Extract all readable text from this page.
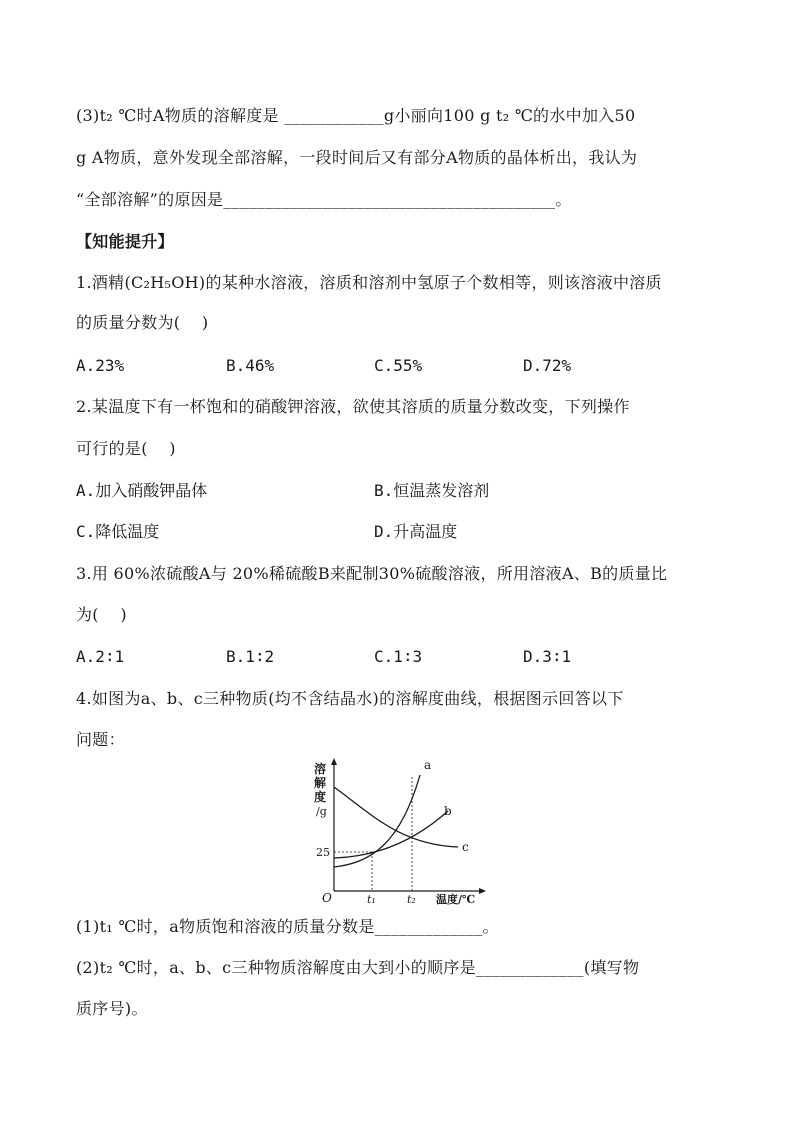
(3)t₂ ℃时A物质的溶解度是 ____________g小丽向100 g t₂ ℃的水中加入50
g A物质，意外发现全部溶解，一段时间后又有部分A物质的晶体析出，我认为
“全部溶解”的原因是________________________________________。
【知能提升】
1.酒精(C₂H₅OH)的某种水溶液，溶质和溶剂中氢原子个数相等，则该溶液中溶质
的质量分数为(    )
A.23%	B.46%	C.55%	D.72%
2.某温度下有一杯饱和的硝酸钾溶液，欲使其溶质的质量分数改变，下列操作
可行的是(    )
A.加入硝酸钾晶体	B.恒温蒸发溶剂
C.降低温度	D.升高温度
3.用 60%浓硫酸A与 20%稀硫酸B来配制30%硫酸溶液，所用溶液A、B的质量比
为(    )
A.2∶1	B.1∶2	C.1∶3	D.3∶1
4.如图为a、b、c三种物质(均不含结晶水)的溶解度曲线，根据图示回答以下
问题：
溶
解
度
/g
a
b
c
25
O	t₁	t₂ 温度/℃
(1)t₁ ℃时，a物质饱和溶液的质量分数是_____________。
(2)t₂ ℃时，a、b、c三种物质溶解度由大到小的顺序是_____________(填写物
质序号)。
